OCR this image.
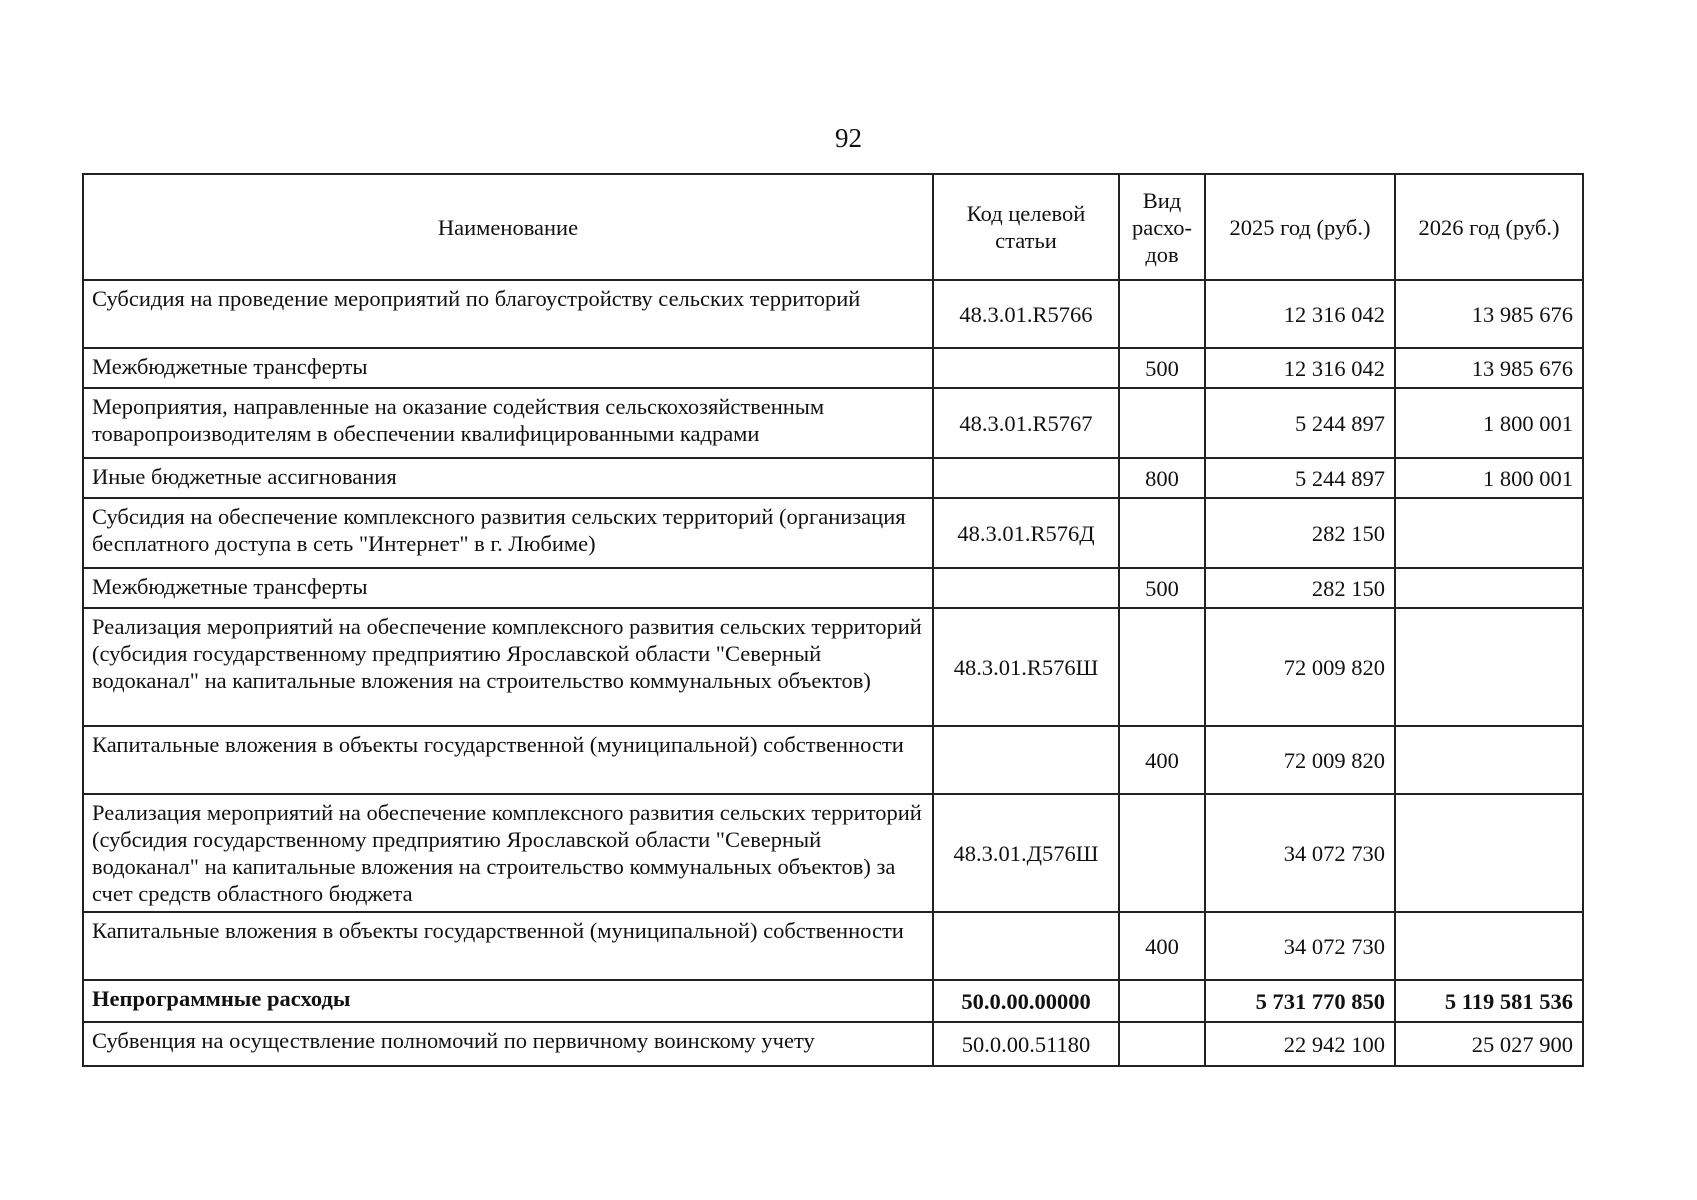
92
Наименование	Код целевой статьи	Вид расхо-дов	2025 год (руб.)	2026 год (руб.)
Субсидия на проведение мероприятий по благоустройству сельских территорий	48.3.01.R5766		12 316 042	13 985 676
Межбюджетные трансферты		500	12 316 042	13 985 676
Мероприятия, направленные на оказание содействия сельскохозяйственным товаропроизводителям в обеспечении квалифицированными кадрами	48.3.01.R5767		5 244 897	1 800 001
Иные бюджетные ассигнования		800	5 244 897	1 800 001
Субсидия на обеспечение комплексного развития сельских территорий (организация бесплатного доступа в сеть "Интернет" в г. Любиме)	48.3.01.R576Д		282 150	
Межбюджетные трансферты		500	282 150	
Реализация мероприятий на обеспечение комплексного развития сельских территорий (субсидия государственному предприятию Ярославской области "Северный водоканал" на капитальные вложения на строительство коммунальных объектов)	48.3.01.R576Ш		72 009 820	
Капитальные вложения в объекты государственной (муниципальной) собственности		400	72 009 820	
Реализация мероприятий на обеспечение комплексного развития сельских территорий (субсидия государственному предприятию Ярославской области "Северный водоканал" на капитальные вложения на строительство коммунальных объектов) за счет средств областного бюджета	48.3.01.Д576Ш		34 072 730	
Капитальные вложения в объекты государственной (муниципальной) собственности		400	34 072 730	
Непрограммные расходы	50.0.00.00000		5 731 770 850	5 119 581 536
Субвенция на осуществление полномочий по первичному воинскому учету	50.0.00.51180		22 942 100	25 027 900
